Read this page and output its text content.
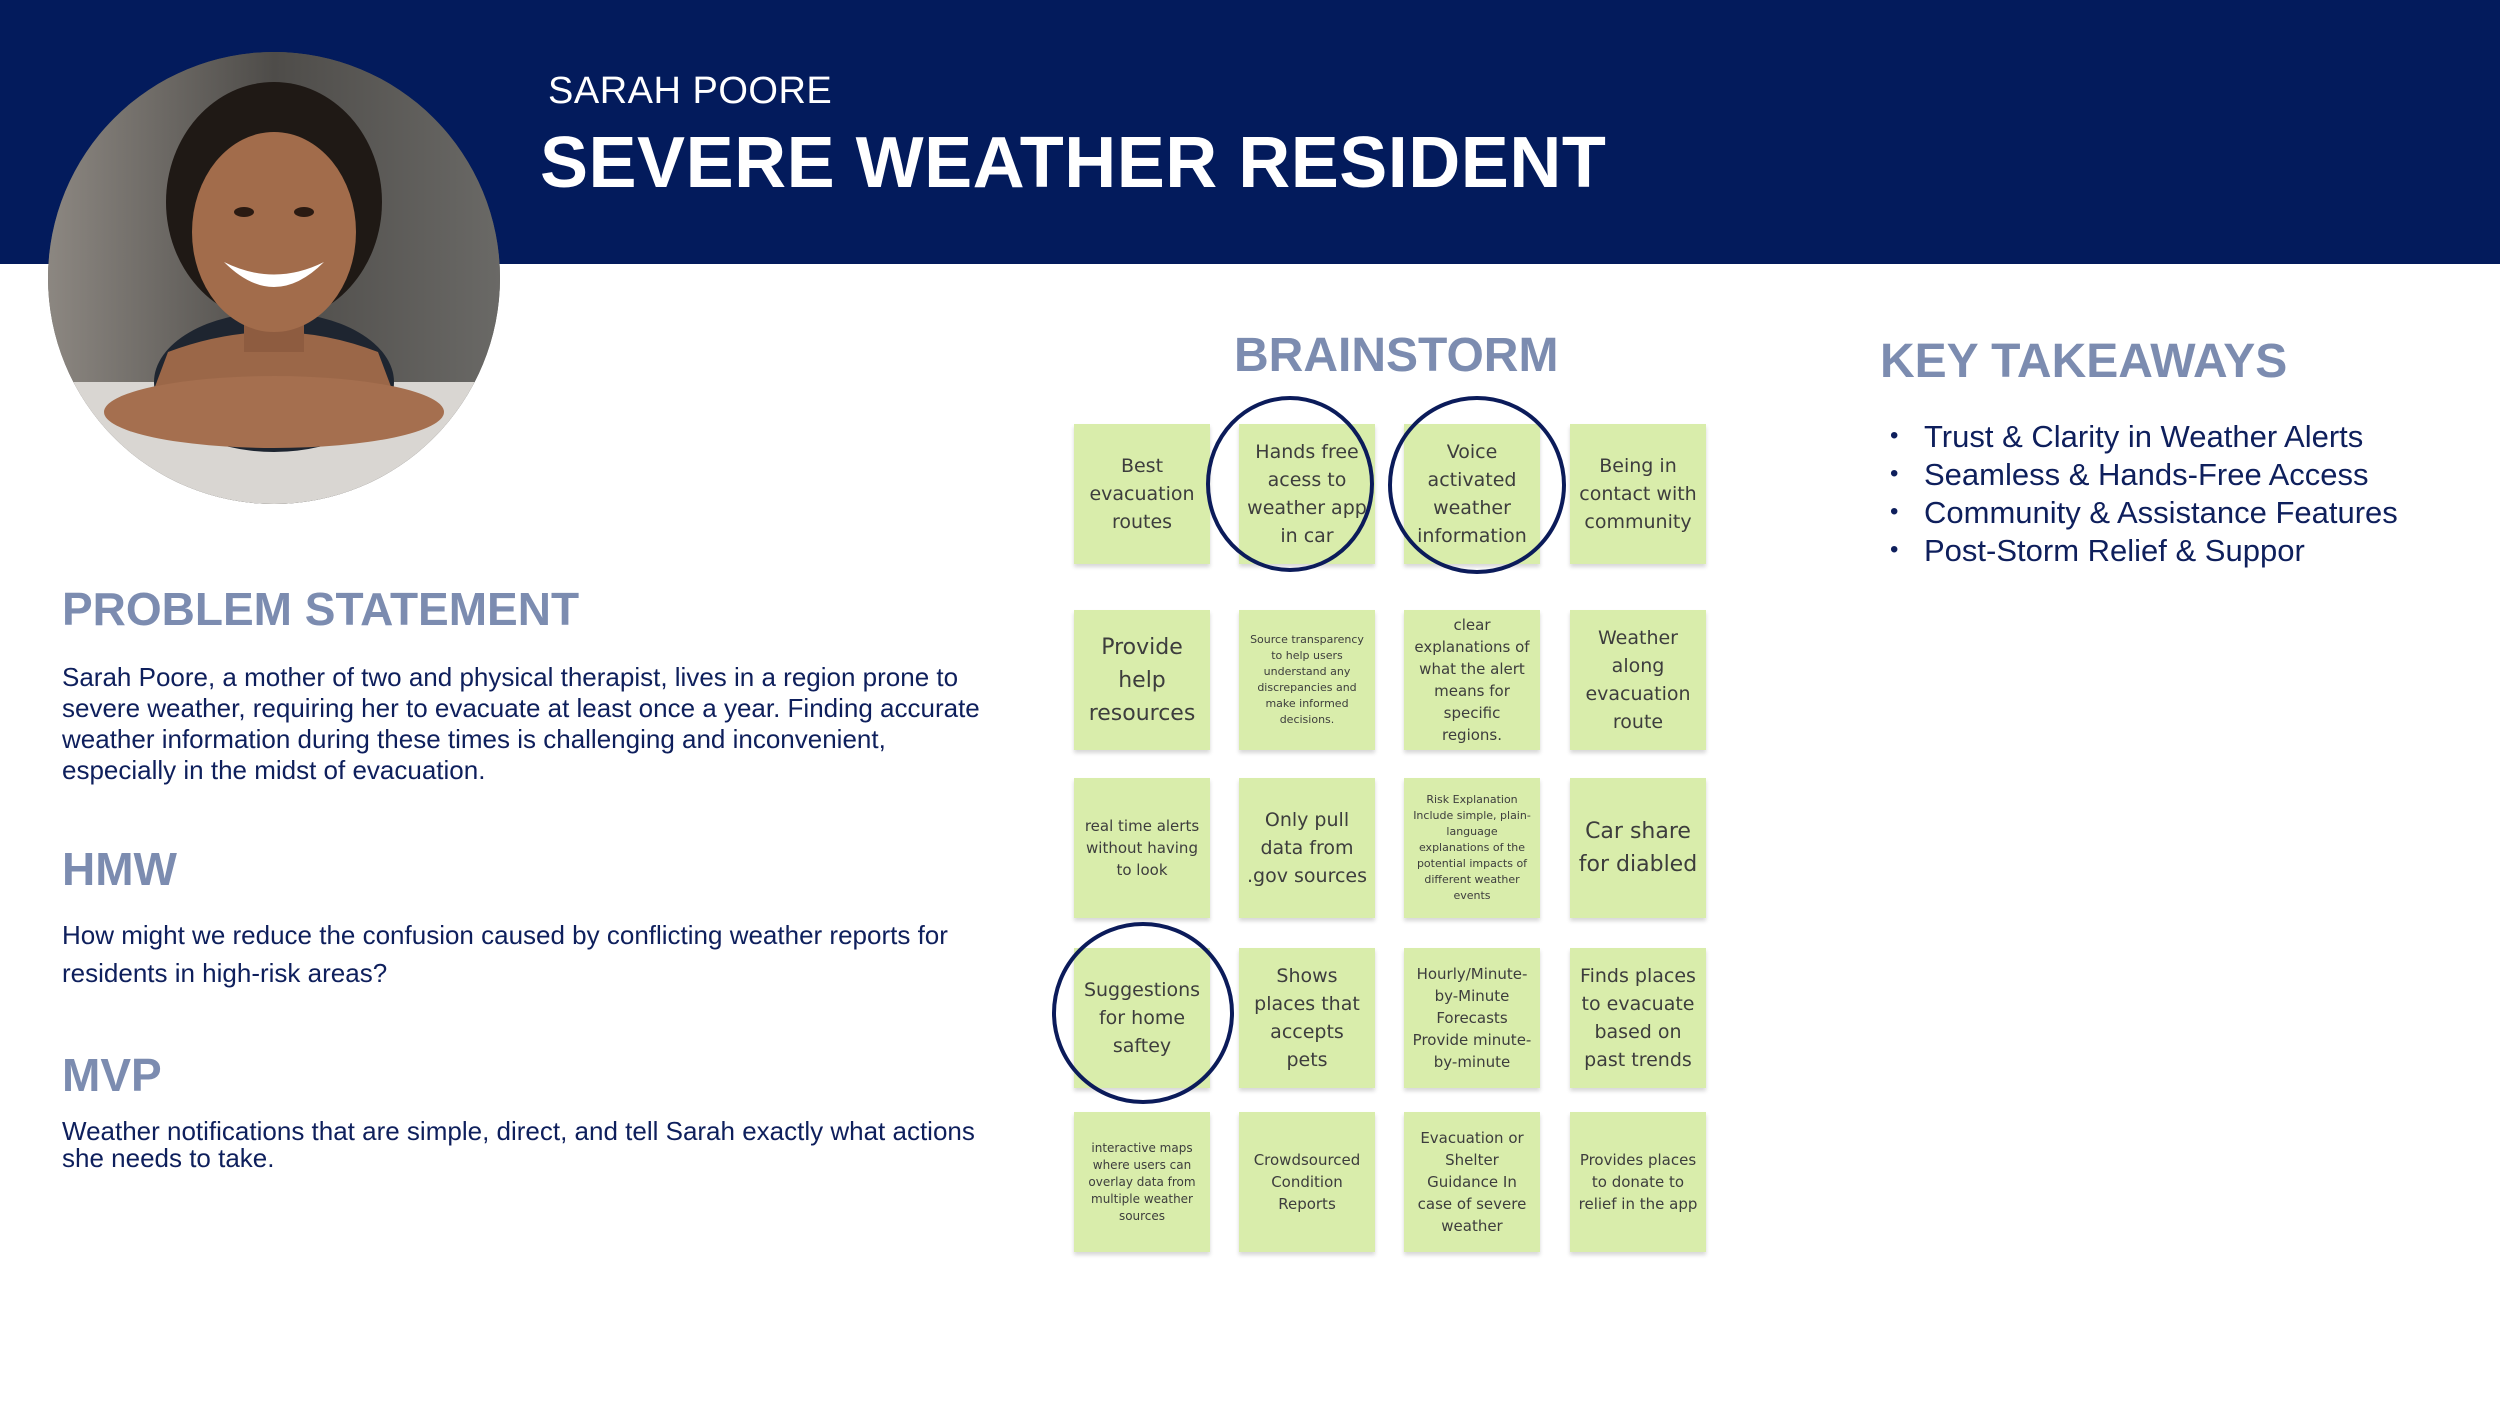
SARAH POORE
SEVERE WEATHER RESIDENT
PROBLEM STATEMENT
Sarah Poore, a mother of two and physical therapist, lives in a region prone to severe weather, requiring her to evacuate at least once a year. Finding accurate weather information during these times is challenging and inconvenient, especially in the midst of evacuation.
HMW
How might we reduce the confusion caused by conflicting weather reports for residents in high-risk areas?
MVP
Weather notifications that are simple, direct, and tell Sarah exactly what actions she needs to take.
BRAINSTORM
Best evacuation routes
Hands free acess to weather app in car
Voice activated weather information
Being in contact with community
Provide help resources
Source transparency to help users understand any discrepancies and make informed decisions.
clear explanations of what the alert means for specific regions.
Weather along evacuation route
real time alerts without having to look
Only pull data from .gov sources
Risk Explanation Include simple, plain-language explanations of the potential impacts of different weather events
Car share for diabled
Suggestions for home saftey
Shows places that accepts pets
Hourly/Minute-by-Minute Forecasts Provide minute-by-minute
Finds places to evacuate based on past trends
interactive maps where users can overlay data from multiple weather sources
Crowdsourced Condition Reports
Evacuation or Shelter Guidance In case of severe weather
Provides places to donate to relief in the app
KEY TAKEAWAYS
• Trust & Clarity in Weather Alerts
• Seamless & Hands-Free Access
• Community & Assistance Features
• Post-Storm Relief & Suppor
